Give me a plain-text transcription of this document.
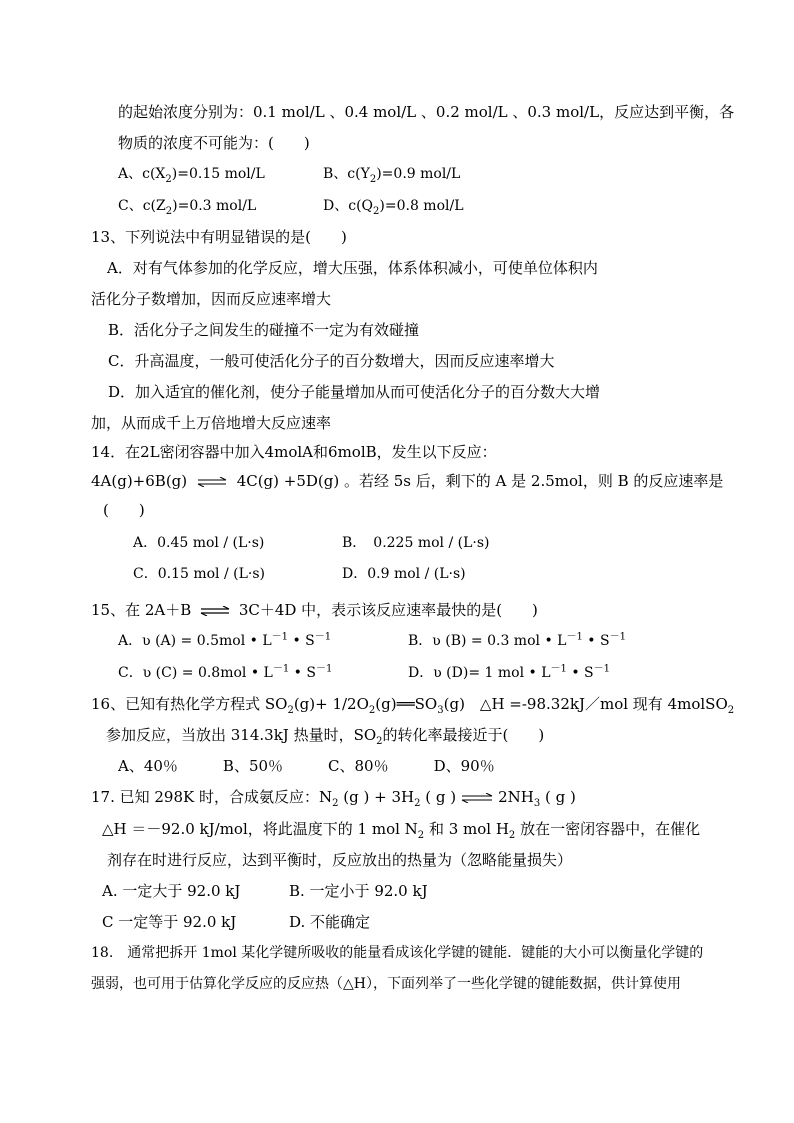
的起始浓度分别为：0.1 mol/L 、0.4 mol/L 、0.2 mol/L 、0.3 mol/L，反应达到平衡，各
物质的浓度不可能为：(　　)
A、$c(X_2)=0.15$ mol/L	B、$c(Y_2)=0.9$ mol/L
C、$c(Z_2)=0.3$ mol/L	D、$c(Q_2)=0.8$ mol/L
13、下列说法中有明显错误的是(　　)
A．对有气体参加的化学反应，增大压强，体系体积减小，可使单位体积内
活化分子数增加，因而反应速率增大
B．活化分子之间发生的碰撞不一定为有效碰撞
C．升高温度，一般可使活化分子的百分数增大，因而反应速率增大
D．加入适宜的催化剂，使分子能量增加从而可使活化分子的百分数大大增
加，从而成千上万倍地增大反应速率
14．在2L密闭容器中加入4molA和6molB，发生以下反应：
4A(g)+6B(g) ⇌ 4C(g) +5D(g) 。若经 5s 后，剩下的 A 是 2.5mol，则 B 的反应速率是
(　　)
A．0.45 mol / (L·s)	B．　0.225 mol / (L·s)
C．0.15 mol / (L·s)	D．0.9 mol / (L·s)
15、在 2A＋B ⇌ 3C＋4D 中，表示该反应速率最快的是(　　)
A．ʋ (A) = 0.5mol • $L^{-1}$ • $S^{-1}$	B．ʋ (B) = 0.3 mol • $L^{-1}$ • $S^{-1}$
C．ʋ (C) = 0.8mol • $L^{-1}$ • $S^{-1}$	D．ʋ (D)= 1 mol • $L^{-1}$ • $S^{-1}$
16、已知有热化学方程式 $SO_2(g)+$ $1/2O_2(g)══SO_3(g)$　△H =-98.32kJ／mol 现有 4molSO$_2$
参加反应，当放出 314.3kJ 热量时，$SO_2$的转化率最接近于(　　)
A、40％　　　B、50％　　　C、80％　　　D、90％
17. 已知 298K 时，合成氨反应：$N_2$ (g ) + $3H_2$ ( g ) ⇌ $2NH_3$ ( g )
△H ＝－92.0 kJ/mol，将此温度下的 1 mol $N_2$ 和 3 mol $H_2$ 放在一密闭容器中，在催化
剂存在时进行反应，达到平衡时，反应放出的热量为（忽略能量损失）
A. 一定大于 92.0 kJ	B. 一定小于 92.0 kJ
C 一定等于 92.0 kJ	D. 不能确定
18.　通常把拆开 1mol 某化学键所吸收的能量看成该化学键的键能．键能的大小可以衡量化学键的
强弱，也可用于估算化学反应的反应热（△H），下面列举了一些化学键的键能数据，供计算使用
